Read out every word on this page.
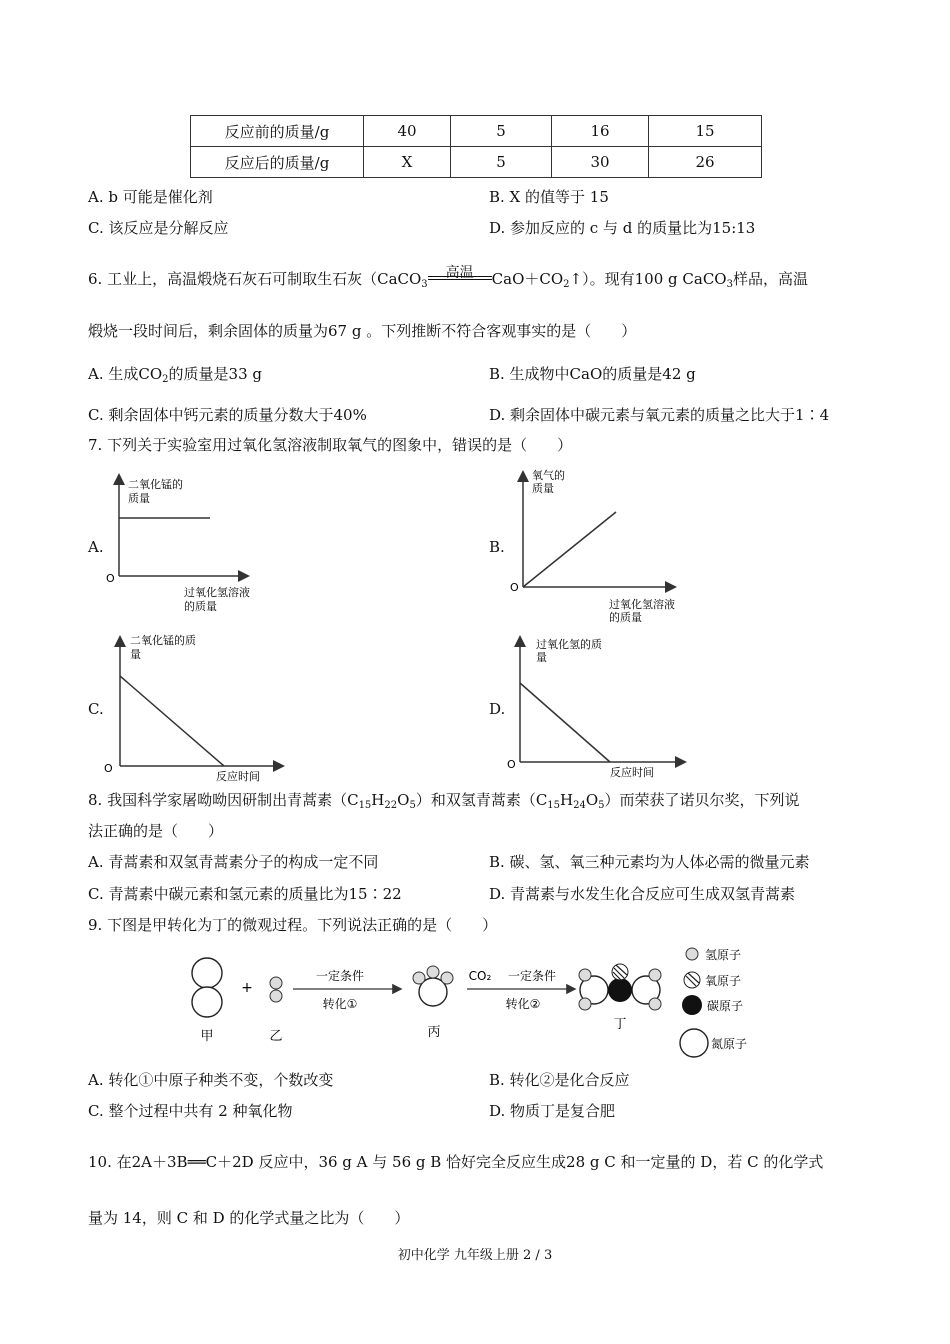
反应前的质量/g	40	5	16	15
反应后的质量/g	X	5	30	26
A. b 可能是催化剂	B. X 的值等于 15
C. 该反应是分解反应	D. 参加反应的 c 与 d 的质量比为15:13
6. 工业上，高温煅烧石灰石可制取生石灰（CaCO$_3$
高温	$CaO+CO_2↑$）。现有100 g CaCO$_3$样品，高温
煅烧一段时间后，剩余固体的质量为67 g 。下列推断不符合客观事实的是（　　）
A. 生成$CO_2$的质量是33 g	B. 生成物中CaO的质量是42 g
C. 剩余固体中钙元素的质量分数大于40%	D. 剩余固体中碳元素与氧元素的质量之比大于1∶4
7. 下列关于实验室用过氧化氢溶液制取氧气的图象中，错误的是（　　）
A.
二氧化锰的
质量
O
过氧化氢溶液
的质量
B.
氧气的
质量
O
过氧化氢溶液
的质量
C.
二氧化锰的质
量
O
反应时间
D.
过氧化氢的质
量
O
反应时间
8. 我国科学家屠呦呦因研制出青蒿素$(C_{15}H_{22}O_5)$和双氢青蒿素$(C_{15}H_{24}O_5)$而荣获了诺贝尔奖，下列说
法正确的是（　　）
A. 青蒿素和双氢青蒿素分子的构成一定不同	B. 碳、氢、氧三种元素均为人体必需的微量元素
C. 青蒿素中碳元素和氢元素的质量比为15∶22	D. 青蒿素与水发生化合反应可生成双氢青蒿素
9. 下图是甲转化为丁的微观过程。下列说法正确的是（　　）
甲
+
乙
一定条件
转化①
丙
CO₂ 一定条件
转化②
丁
氢原子
氧原子
碳原子
氮原子
A. 转化①中原子种类不变，个数改变	B. 转化②是化合反应
C. 整个过程中共有 2 种氧化物	D. 物质丁是复合肥
10. 在2A＋3B══C＋2D 反应中，36 g A 与 56 g B 恰好完全反应生成28 g C 和一定量的 D，若 C 的化学式
量为 14，则 C 和 D 的化学式量之比为（　　）
初中化学 九年级上册 2 / 3
